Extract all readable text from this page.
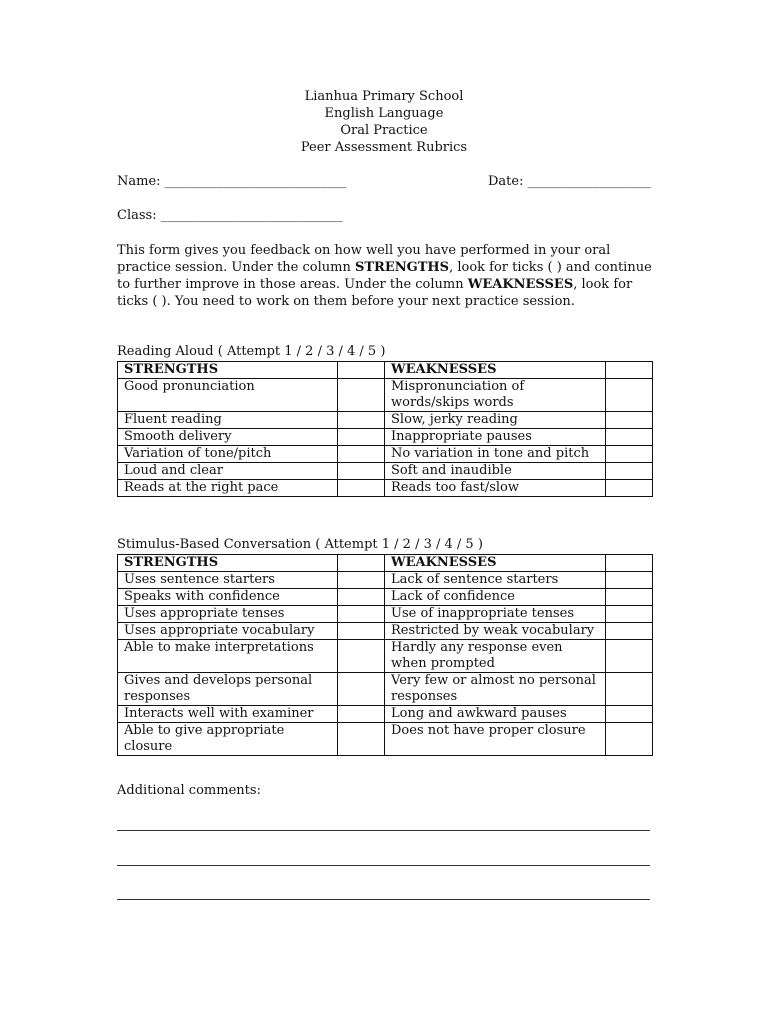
Lianhua Primary School
English Language
Oral Practice
Peer Assessment Rubrics
Name: ____________________________	Date: ___________________
Class: ____________________________
This form gives you feedback on how well you have performed in your oral
practice session. Under the column STRENGTHS, look for ticks ( ) and continue
to further improve in those areas. Under the column WEAKNESSES, look for
ticks ( ). You need to work on them before your next practice session.
Reading Aloud ( Attempt 1 / 2 / 3 / 4 / 5 )
STRENGTHS		WEAKNESSES	
Good pronunciation		Mispronunciation of words/skips words	
Fluent reading		Slow, jerky reading	
Smooth delivery		Inappropriate pauses	
Variation of tone/pitch		No variation in tone and pitch	
Loud and clear		Soft and inaudible	
Reads at the right pace		Reads too fast/slow	
Stimulus-Based Conversation ( Attempt 1 / 2 / 3 / 4 / 5 )
STRENGTHS		WEAKNESSES	
Uses sentence starters		Lack of sentence starters	
Speaks with confidence		Lack of confidence	
Uses appropriate tenses		Use of inappropriate tenses	
Uses appropriate vocabulary		Restricted by weak vocabulary	
Able to make interpretations		Hardly any response even when prompted	
Gives and develops personal responses		Very few or almost no personal responses	
Interacts well with examiner		Long and awkward pauses	
Able to give appropriate closure		Does not have proper closure	
Additional comments:
